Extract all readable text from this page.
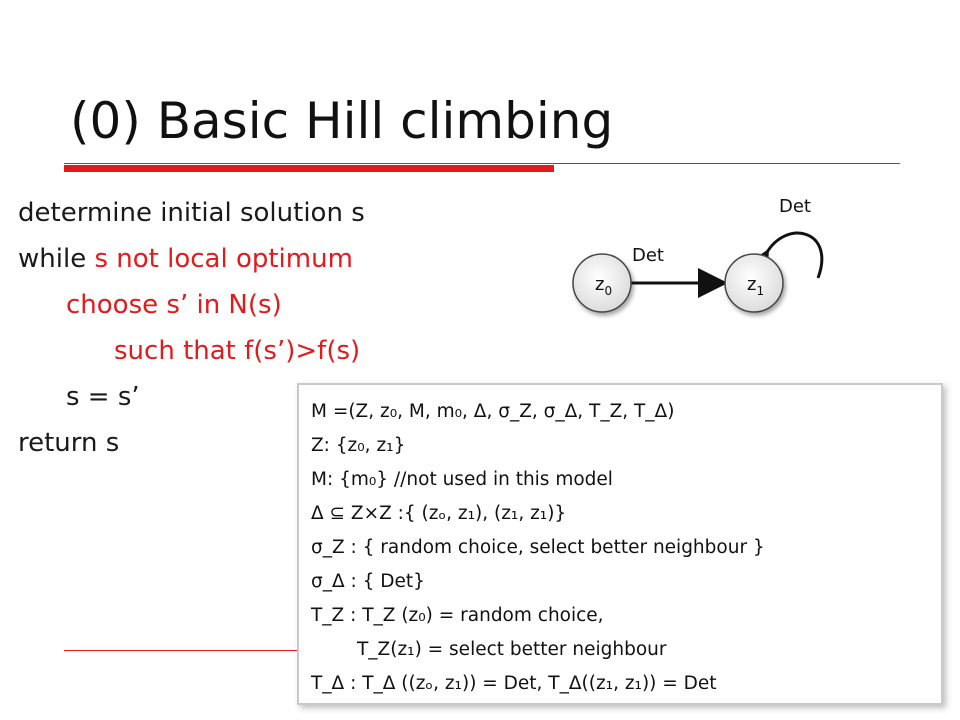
(0) Basic Hill climbing
determine initial solution s
while s not local optimum
choose s’ in N(s)
such that f(s’)>f(s)
s = s’
return s
$z_0$	$z_1$
Det
Det
M =(Z, z₀, M, m₀, Δ, σ_Z, σ_Δ, T_Z, T_Δ)
Z: {z₀, z₁}
M: {m₀} //not used in this model
Δ ⊆ Z×Z :{ (zₒ, z₁), (z₁, z₁)}
σ_Z : { random choice, select better neighbour }
σ_Δ : { Det}
T_Z : T_Z (z₀) = random choice,
T_Z(z₁) = select better neighbour
T_Δ : T_Δ ((zₒ, z₁)) = Det, T_Δ((z₁, z₁)) = Det
